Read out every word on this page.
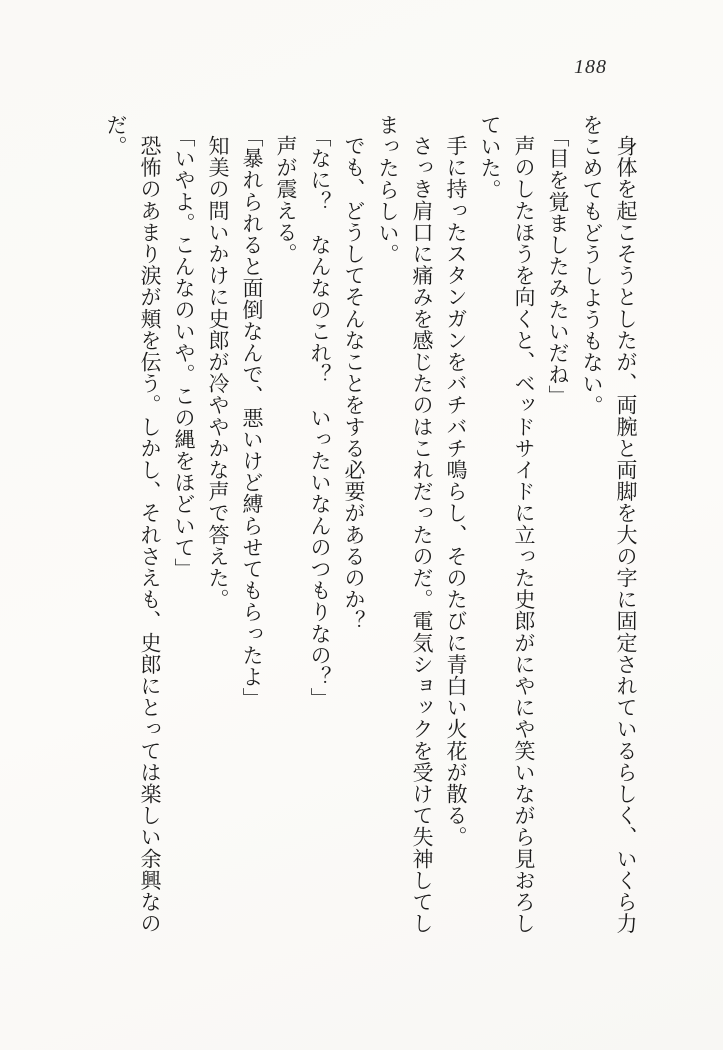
188
身体を起こそうとしたが、両腕と両脚を大の字に固定されているらしく、いくら力
をこめてもどうしようもない。
「目を覚ましたみたいだね」
声のしたほうを向くと、ベッドサイドに立った史郎がにやにや笑いながら見おろし
ていた。
手に持ったスタンガンをバチバチ鳴らし、そのたびに青白い火花が散る。
さっき肩口に痛みを感じたのはこれだったのだ。電気ショックを受けて失神してし
まったらしい。
でも、どうしてそんなことをする必要があるのか？
「なに？　なんなのこれ？　いったいなんのつもりなの？」
声が震える。
「暴れられると面倒なんで、悪いけど縛らせてもらったよ」
知美の問いかけに史郎が冷ややかな声で答えた。
「いやよ。こんなのいや。この縄をほどいて」
恐怖のあまり涙が頬を伝う。しかし、それさえも、史郎にとっては楽しい余興なの
だ。
